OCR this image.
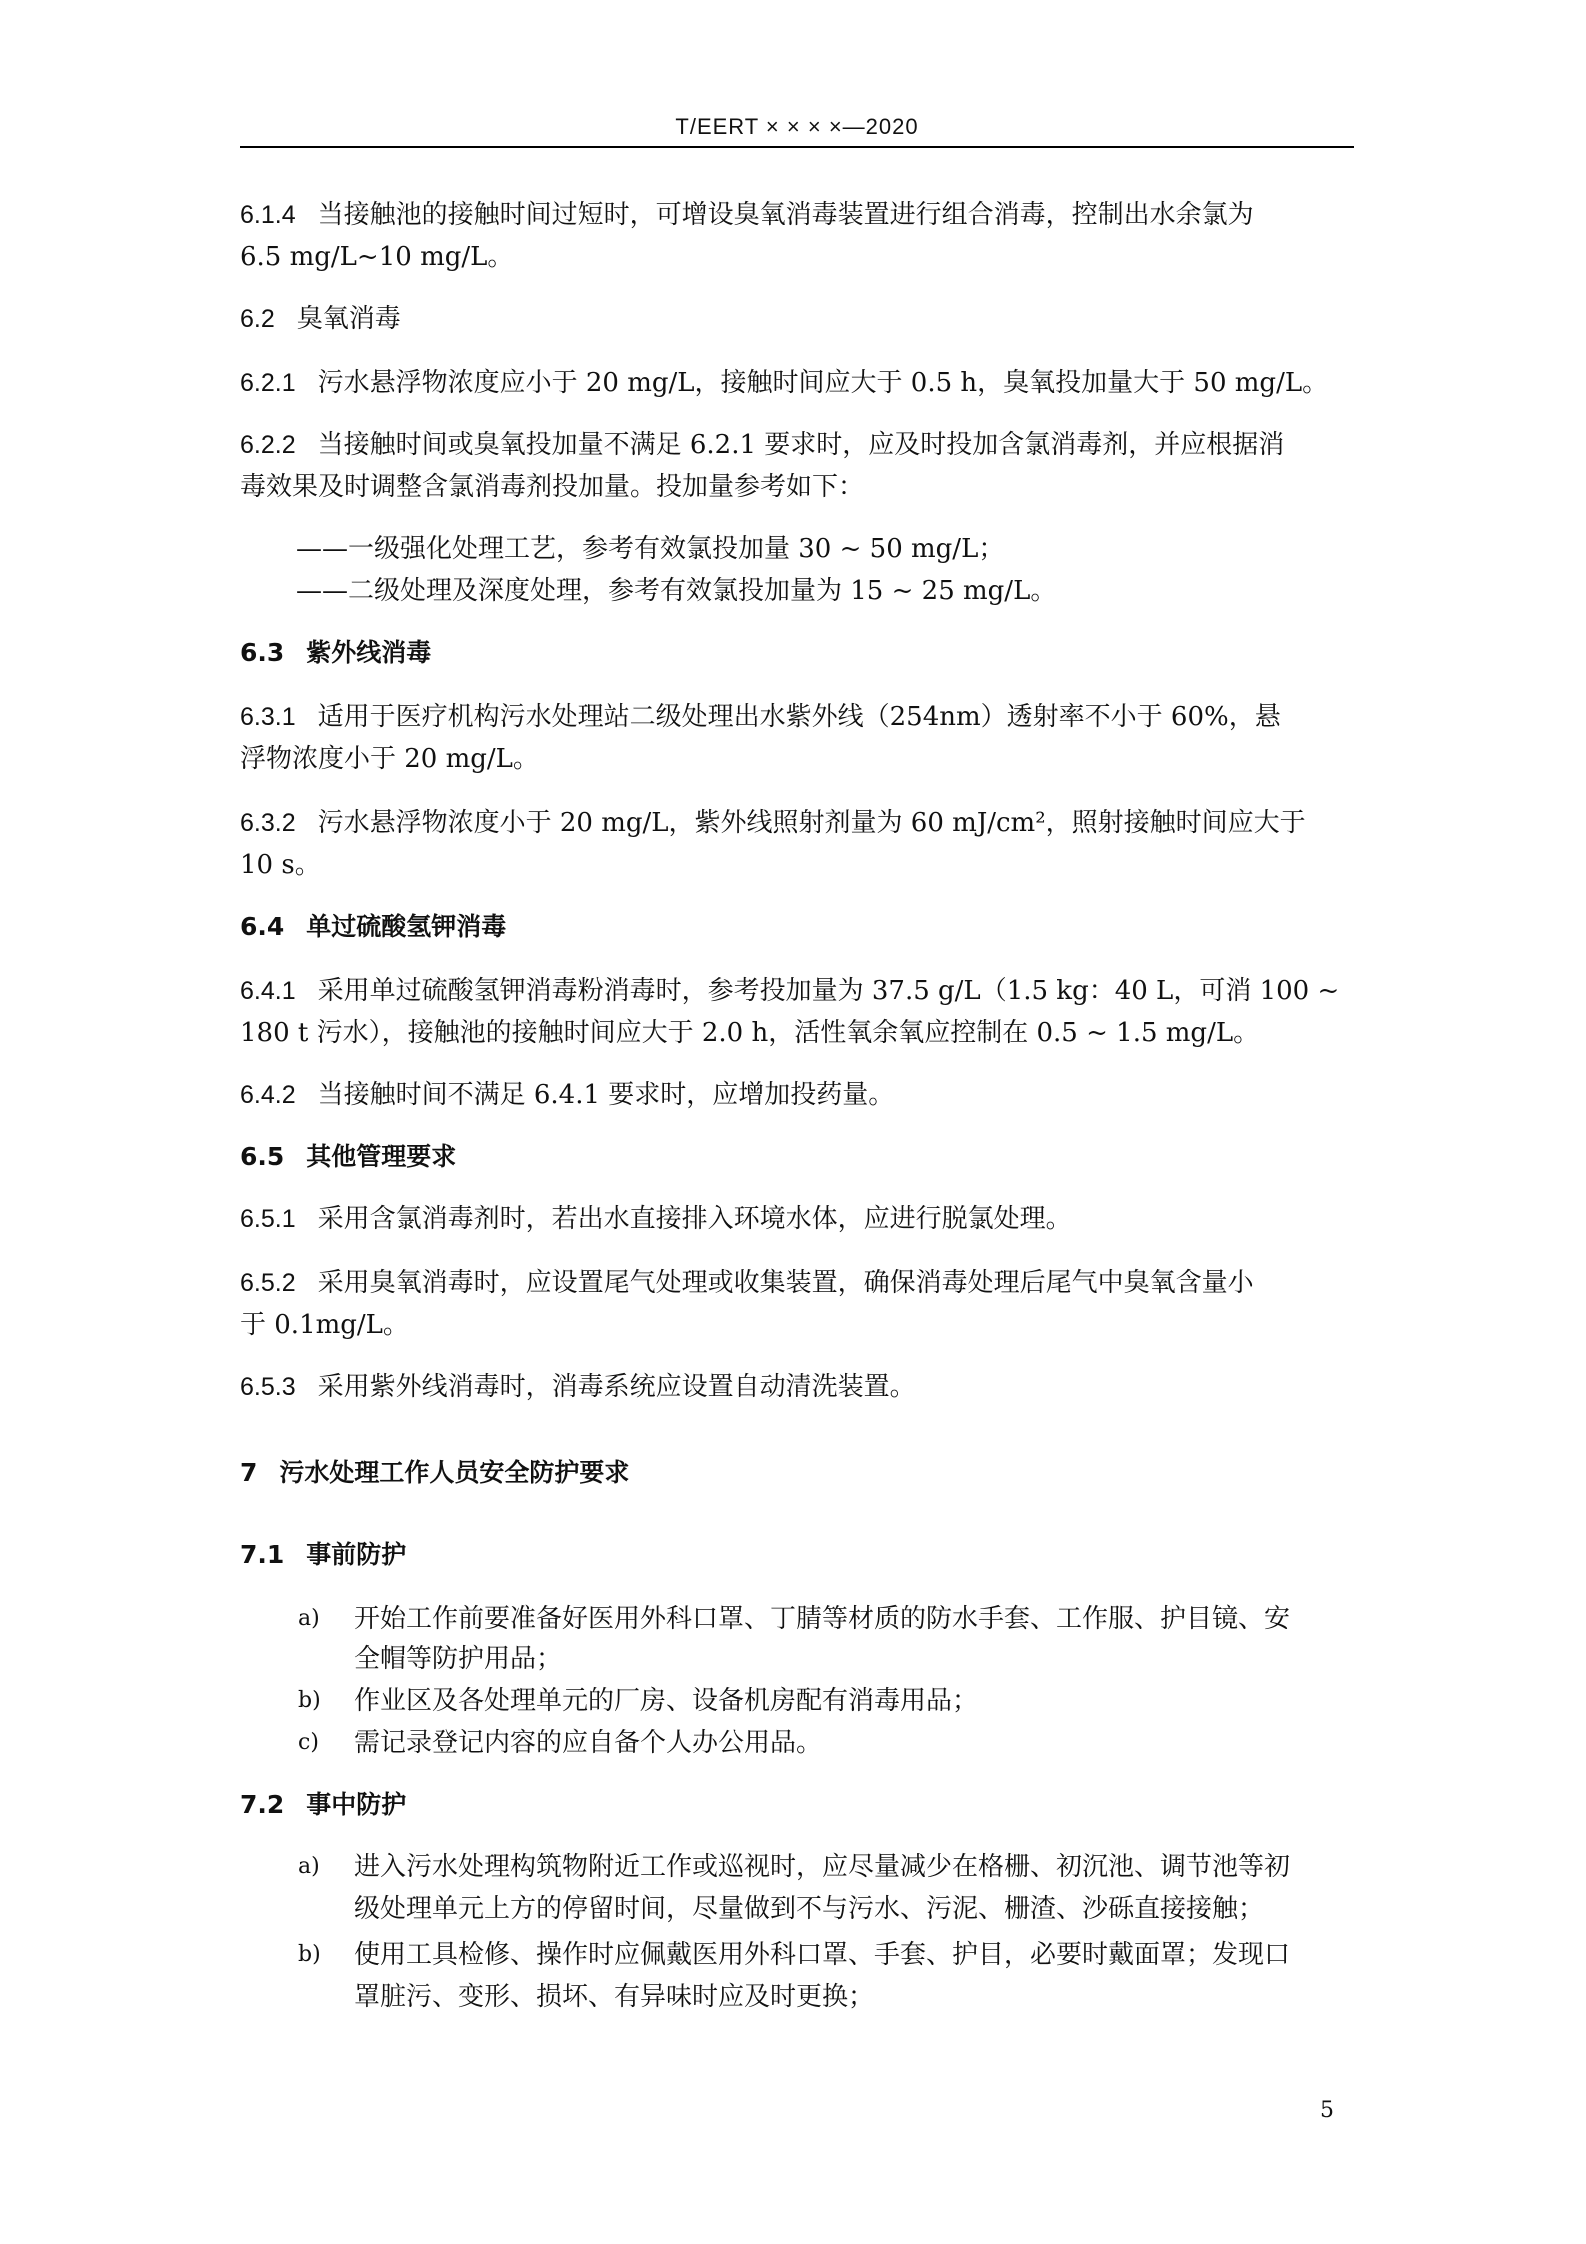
T/EERT × × × ×—2020
6.1.4 当接触池的接触时间过短时，可增设臭氧消毒装置进行组合消毒，控制出水余氯为
6.5 mg/L~10 mg/L。
6.2 臭氧消毒
6.2.1 污水悬浮物浓度应小于 20 mg/L，接触时间应大于 0.5 h，臭氧投加量大于 50 mg/L。
6.2.2 当接触时间或臭氧投加量不满足 6.2.1 要求时，应及时投加含氯消毒剂，并应根据消
毒效果及时调整含氯消毒剂投加量。投加量参考如下：
——一级强化处理工艺，参考有效氯投加量 30 ~ 50 mg/L；
——二级处理及深度处理，参考有效氯投加量为 15 ~ 25 mg/L。
6.3 紫外线消毒
6.3.1 适用于医疗机构污水处理站二级处理出水紫外线（254nm）透射率不小于 60%，悬
浮物浓度小于 20 mg/L。
6.3.2 污水悬浮物浓度小于 20 mg/L，紫外线照射剂量为 60 mJ/cm²，照射接触时间应大于
10 s。
6.4 单过硫酸氢钾消毒
6.4.1 采用单过硫酸氢钾消毒粉消毒时，参考投加量为 37.5 g/L（1.5 kg：40 L，可消 100 ~
180 t 污水），接触池的接触时间应大于 2.0 h，活性氧余氧应控制在 0.5 ~ 1.5 mg/L。
6.4.2 当接触时间不满足 6.4.1 要求时，应增加投药量。
6.5 其他管理要求
6.5.1 采用含氯消毒剂时，若出水直接排入环境水体，应进行脱氯处理。
6.5.2 采用臭氧消毒时，应设置尾气处理或收集装置，确保消毒处理后尾气中臭氧含量小
于 0.1mg/L。
6.5.3 采用紫外线消毒时，消毒系统应设置自动清洗装置。
7 污水处理工作人员安全防护要求
7.1 事前防护
a) 开始工作前要准备好医用外科口罩、丁腈等材质的防水手套、工作服、护目镜、安
全帽等防护用品；
b) 作业区及各处理单元的厂房、设备机房配有消毒用品；
c) 需记录登记内容的应自备个人办公用品。
7.2 事中防护
a) 进入污水处理构筑物附近工作或巡视时，应尽量减少在格栅、初沉池、调节池等初
级处理单元上方的停留时间，尽量做到不与污水、污泥、栅渣、沙砾直接接触；
b) 使用工具检修、操作时应佩戴医用外科口罩、手套、护目，必要时戴面罩；发现口
罩脏污、变形、损坏、有异味时应及时更换；
5
